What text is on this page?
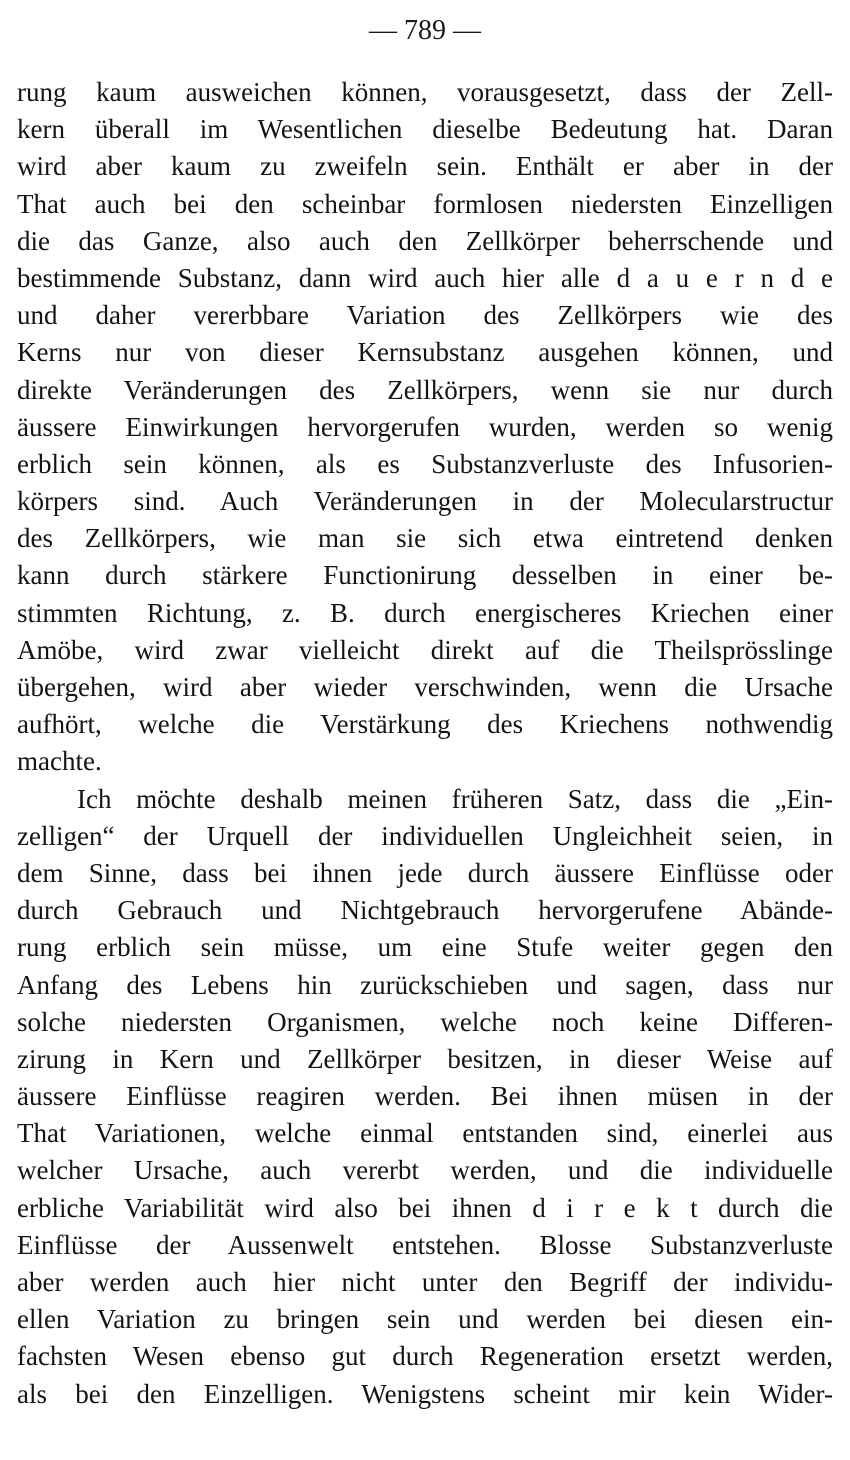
— 789 —
rung kaum ausweichen können, vorausgesetzt, dass der Zell-
kern überall im Wesentlichen dieselbe Bedeutung hat. Daran
wird aber kaum zu zweifeln sein. Enthält er aber in der
That auch bei den scheinbar formlosen niedersten Einzelligen
die das Ganze, also auch den Zellkörper beherrschende und
bestimmende Substanz, dann wird auch hier alle d a u e r n d e
und daher vererbbare Variation des Zellkörpers wie des
Kerns nur von dieser Kernsubstanz ausgehen können, und
direkte Veränderungen des Zellkörpers, wenn sie nur durch
äussere Einwirkungen hervorgerufen wurden, werden so wenig
erblich sein können, als es Substanzverluste des Infusorien-
körpers sind. Auch Veränderungen in der Molecularstructur
des Zellkörpers, wie man sie sich etwa eintretend denken
kann durch stärkere Functionirung desselben in einer be-
stimmten Richtung, z. B. durch energischeres Kriechen einer
Amöbe, wird zwar vielleicht direkt auf die Theilsprösslinge
übergehen, wird aber wieder verschwinden, wenn die Ursache
aufhört, welche die Verstärkung des Kriechens nothwendig
machte.
Ich möchte deshalb meinen früheren Satz, dass die „Ein-
zelligen“ der Urquell der individuellen Ungleichheit seien, in
dem Sinne, dass bei ihnen jede durch äussere Einflüsse oder
durch Gebrauch und Nichtgebrauch hervorgerufene Abände-
rung erblich sein müsse, um eine Stufe weiter gegen den
Anfang des Lebens hin zurückschieben und sagen, dass nur
solche niedersten Organismen, welche noch keine Differen-
zirung in Kern und Zellkörper besitzen, in dieser Weise auf
äussere Einflüsse reagiren werden. Bei ihnen müsen in der
That Variationen, welche einmal entstanden sind, einerlei aus
welcher Ursache, auch vererbt werden, und die individuelle
erbliche Variabilität wird also bei ihnen d i r e k t durch die
Einflüsse der Aussenwelt entstehen. Blosse Substanzverluste
aber werden auch hier nicht unter den Begriff der individu-
ellen Variation zu bringen sein und werden bei diesen ein-
fachsten Wesen ebenso gut durch Regeneration ersetzt werden,
als bei den Einzelligen. Wenigstens scheint mir kein Wider-
